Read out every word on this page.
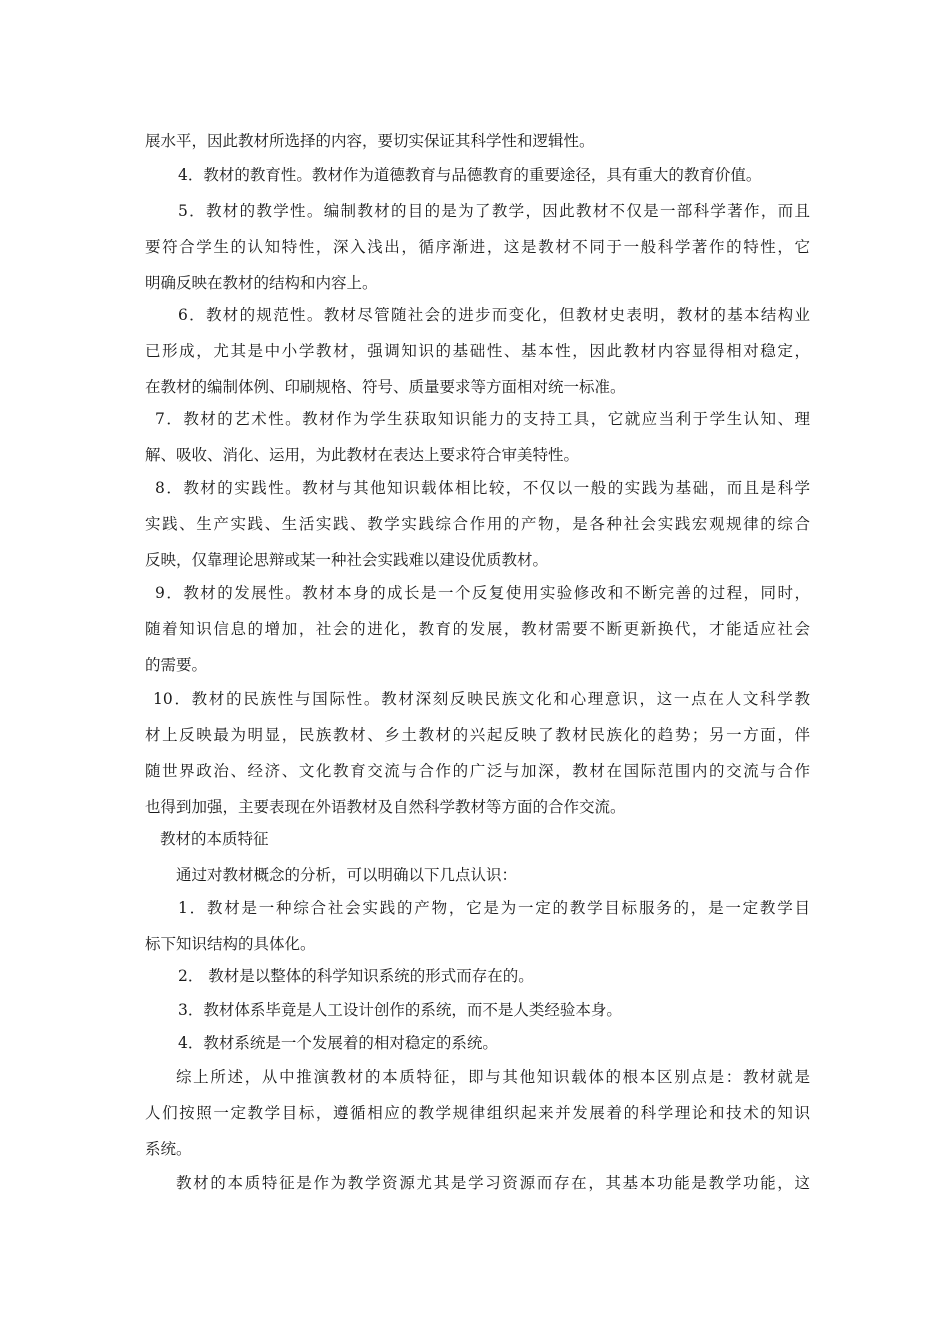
展水平，因此教材所选择的内容，要切实保证其科学性和逻辑性。
4．教材的教育性。教材作为道德教育与品德教育的重要途径，具有重大的教育价值。
5．教材的教学性。编制教材的目的是为了教学，因此教材不仅是一部科学著作，而且
要符合学生的认知特性，深入浅出，循序渐进，这是教材不同于一般科学著作的特性，它
明确反映在教材的结构和内容上。
6．教材的规范性。教材尽管随社会的进步而变化，但教材史表明，教材的基本结构业
已形成，尤其是中小学教材，强调知识的基础性、基本性，因此教材内容显得相对稳定，
在教材的编制体例、印刷规格、符号、质量要求等方面相对统一标准。
7．教材的艺术性。教材作为学生获取知识能力的支持工具，它就应当利于学生认知、理
解、吸收、消化、运用，为此教材在表达上要求符合审美特性。
8．教材的实践性。教材与其他知识载体相比较，不仅以一般的实践为基础，而且是科学
实践、生产实践、生活实践、教学实践综合作用的产物，是各种社会实践宏观规律的综合
反映，仅靠理论思辩或某一种社会实践难以建设优质教材。
9．教材的发展性。教材本身的成长是一个反复使用实验修改和不断完善的过程，同时，
随着知识信息的增加，社会的进化，教育的发展，教材需要不断更新换代，才能适应社会
的需要。
10．教材的民族性与国际性。教材深刻反映民族文化和心理意识，这一点在人文科学教
材上反映最为明显，民族教材、乡土教材的兴起反映了教材民族化的趋势；另一方面，伴
随世界政治、经济、文化教育交流与合作的广泛与加深，教材在国际范围内的交流与合作
也得到加强，主要表现在外语教材及自然科学教材等方面的合作交流。
教材的本质特征
通过对教材概念的分析，可以明确以下几点认识：
1．教材是一种综合社会实践的产物，它是为一定的教学目标服务的，是一定教学目
标下知识结构的具体化。
2． 教材是以整体的科学知识系统的形式而存在的。
3．教材体系毕竟是人工设计创作的系统，而不是人类经验本身。
4．教材系统是一个发展着的相对稳定的系统。
综上所述，从中推演教材的本质特征，即与其他知识载体的根本区别点是：教材就是
人们按照一定教学目标，遵循相应的教学规律组织起来并发展着的科学理论和技术的知识
系统。
教材的本质特征是作为教学资源尤其是学习资源而存在，其基本功能是教学功能，这
